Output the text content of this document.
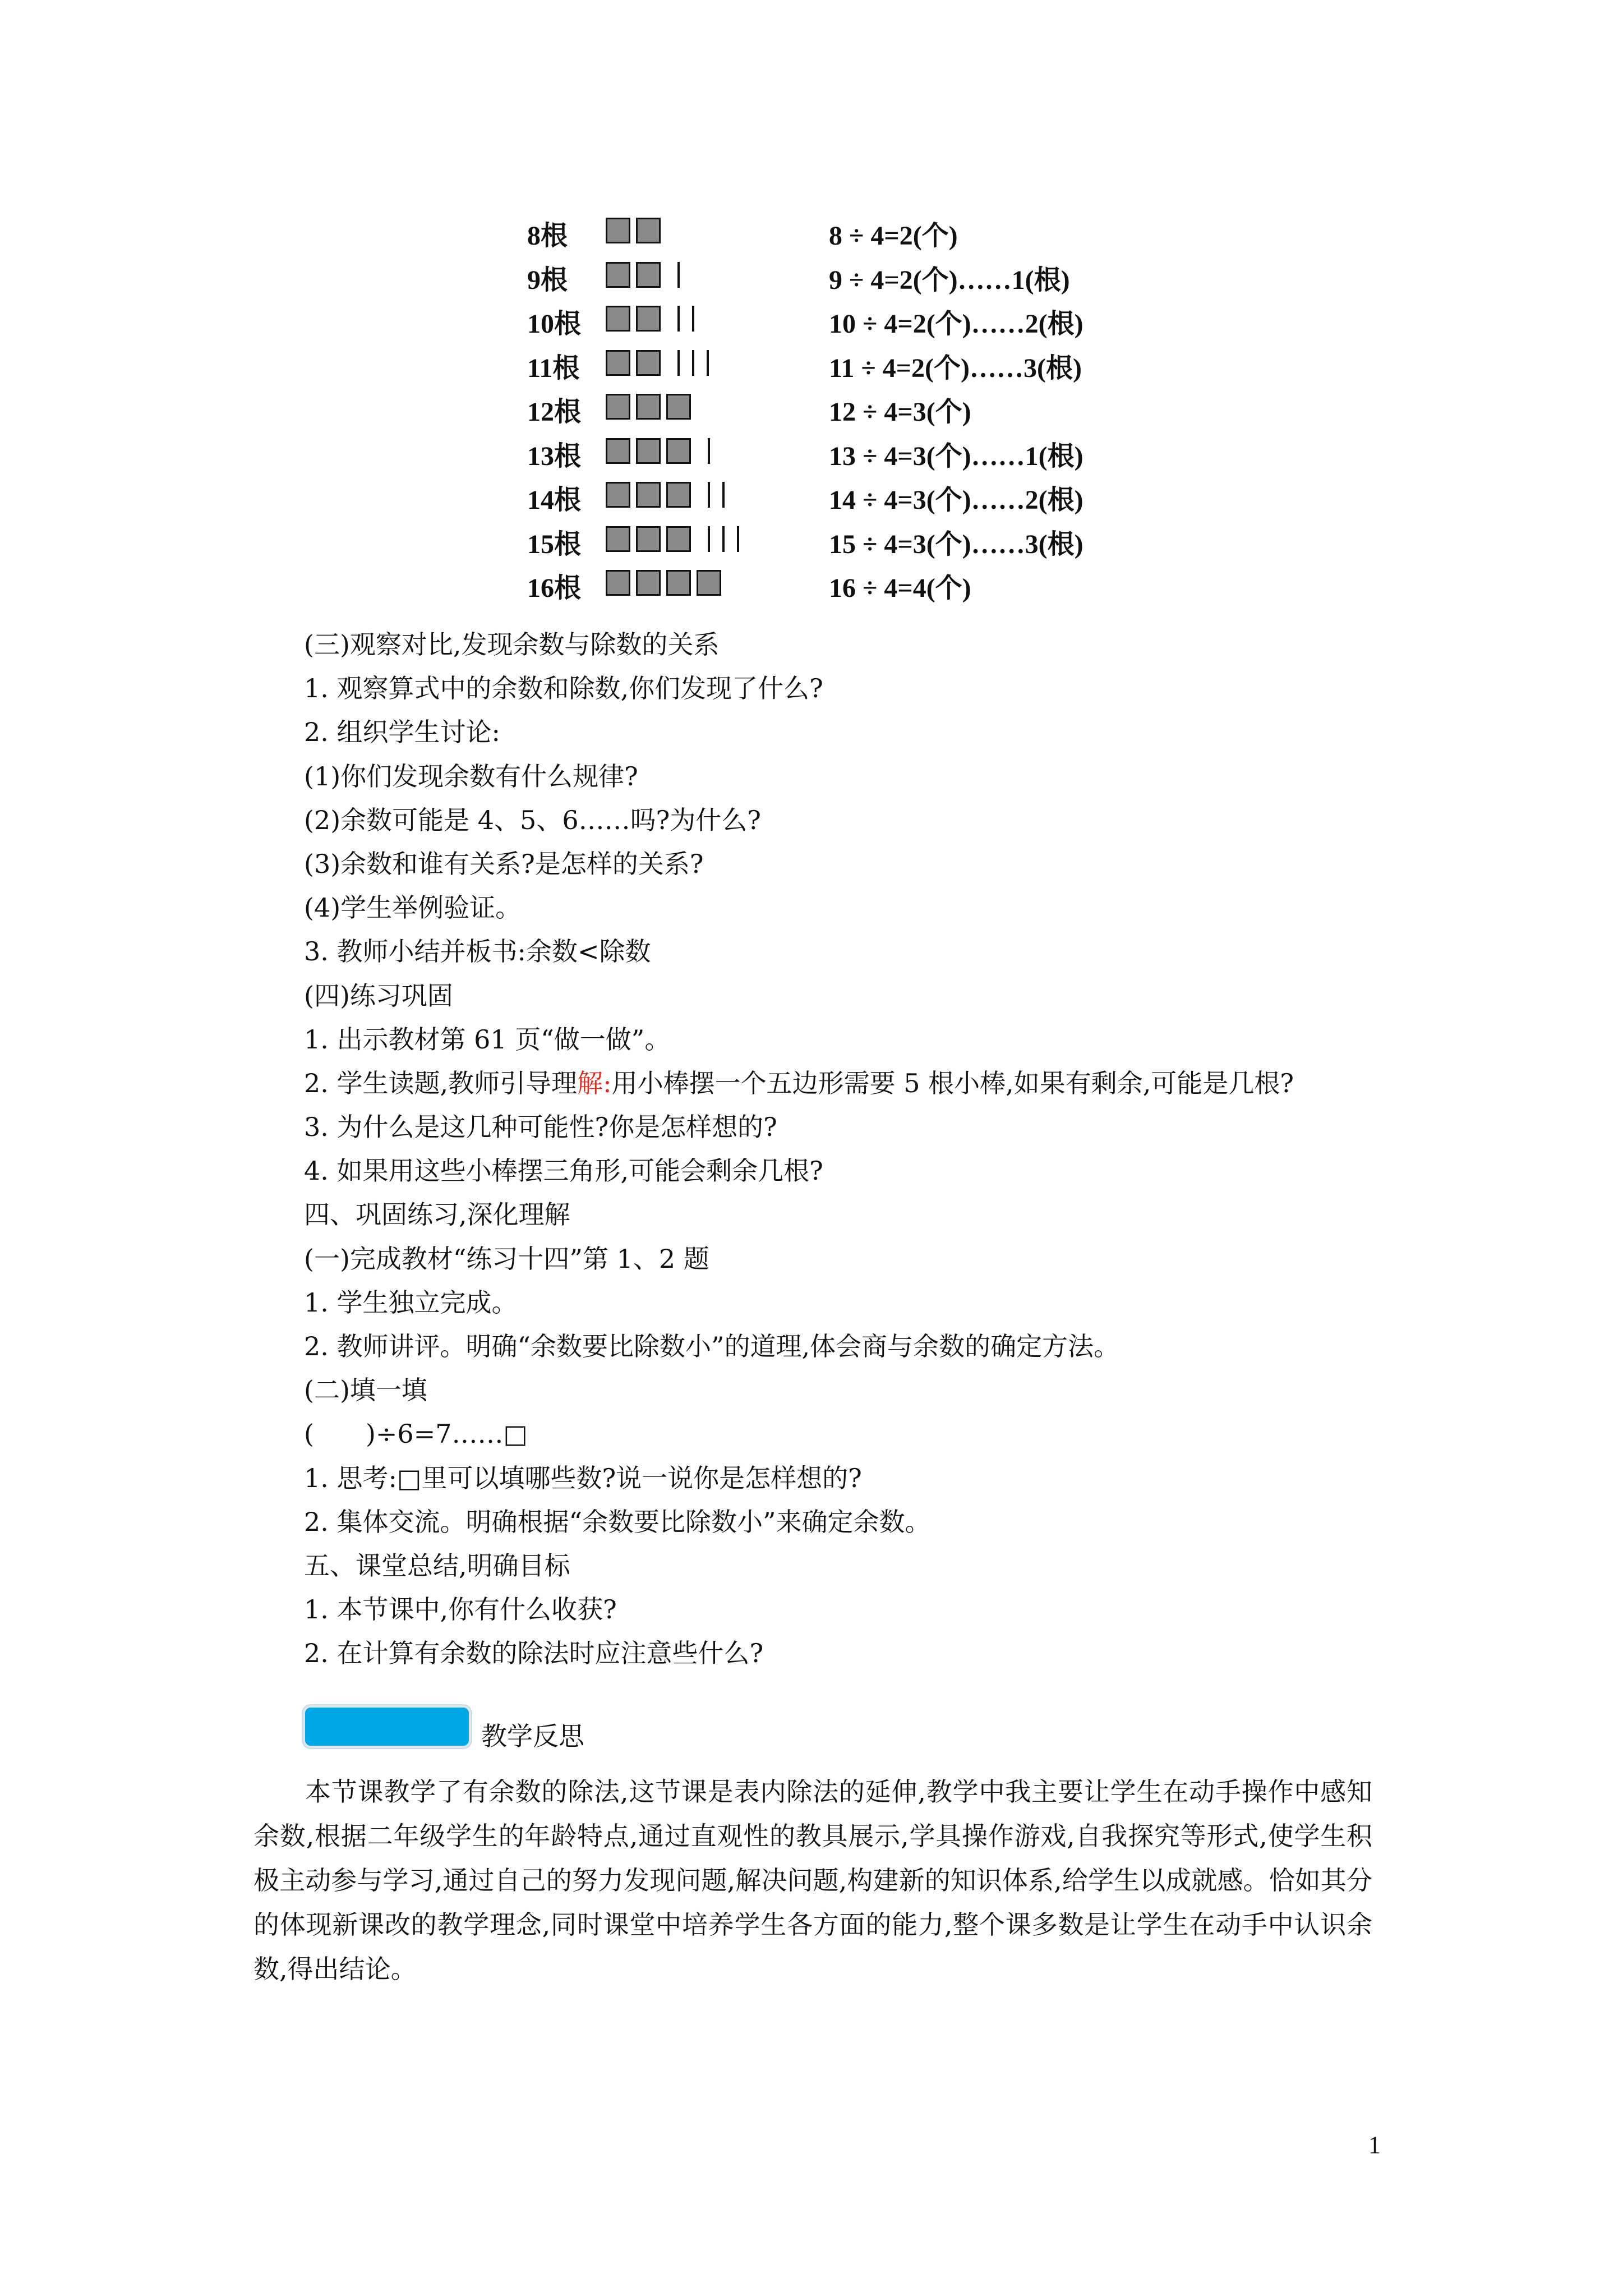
8根	8 ÷ 4=2(个)
9根	9 ÷ 4=2(个)……1(根)
10根	10 ÷ 4=2(个)……2(根)
11根	11 ÷ 4=2(个)……3(根)
12根	12 ÷ 4=3(个)
13根	13 ÷ 4=3(个)……1(根)
14根	14 ÷ 4=3(个)……2(根)
15根	15 ÷ 4=3(个)……3(根)
16根	16 ÷ 4=4(个)
(三)观察对比,发现余数与除数的关系
1. 观察算式中的余数和除数,你们发现了什么?
2. 组织学生讨论:
(1)你们发现余数有什么规律?
(2)余数可能是 4、5、6……吗?为什么?
(3)余数和谁有关系?是怎样的关系?
(4)学生举例验证。
3. 教师小结并板书:余数<除数
(四)练习巩固
1. 出示教材第 61 页“做一做”。
2. 学生读题,教师引导理解:用小棒摆一个五边形需要 5 根小棒,如果有剩余,可能是几根?
3. 为什么是这几种可能性?你是怎样想的?
4. 如果用这些小棒摆三角形,可能会剩余几根?
四、巩固练习,深化理解
(一)完成教材“练习十四”第 1、2 题
1. 学生独立完成。
2. 教师讲评。明确“余数要比除数小”的道理,体会商与余数的确定方法。
(二)填一填
(　　)÷6=7……□
1. 思考:□里可以填哪些数?说一说你是怎样想的?
2. 集体交流。明确根据“余数要比除数小”来确定余数。
五、课堂总结,明确目标
1. 本节课中,你有什么收获?
2. 在计算有余数的除法时应注意些什么?
教学反思
本节课教学了有余数的除法,这节课是表内除法的延伸,教学中我主要让学生在动手操作中感知余数,根据二年级学生的年龄特点,通过直观性的教具展示,学具操作游戏,自我探究等形式,使学生积极主动参与学习,通过自己的努力发现问题,解决问题,构建新的知识体系,给学生以成就感。恰如其分的体现新课改的教学理念,同时课堂中培养学生各方面的能力,整个课多数是让学生在动手中认识余数,得出结论。
1
